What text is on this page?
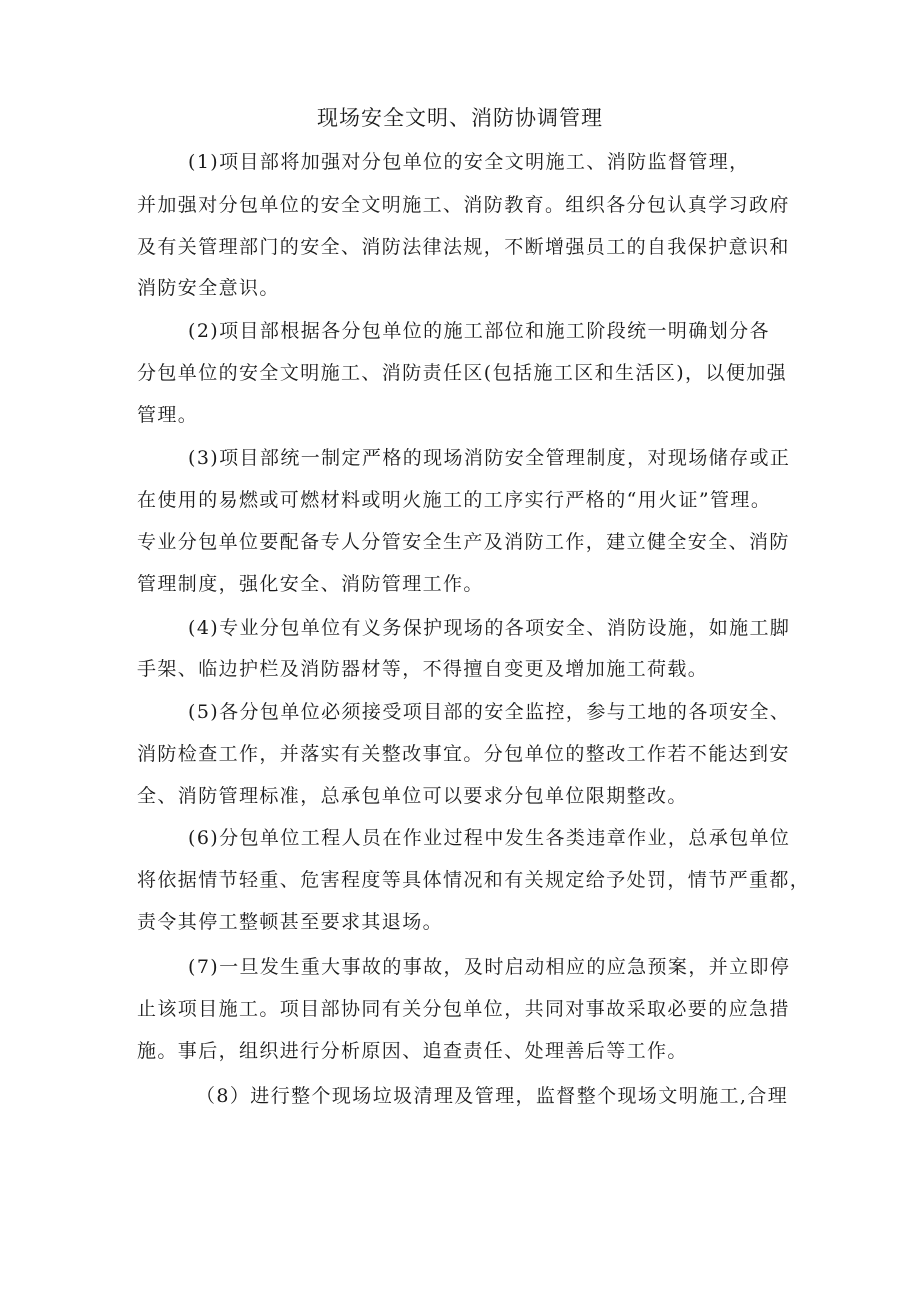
现场安全文明、消防协调管理
(1)项目部将加强对分包单位的安全文明施工、消防监督管理，
并加强对分包单位的安全文明施工、消防教育。组织各分包认真学习政府
及有关管理部门的安全、消防法律法规，不断增强员工的自我保护意识和
消防安全意识。
(2)项目部根据各分包单位的施工部位和施工阶段统一明确划分各
分包单位的安全文明施工、消防责任区(包括施工区和生活区)，以便加强
管理。
(3)项目部统一制定严格的现场消防安全管理制度，对现场储存或正
在使用的易燃或可燃材料或明火施工的工序实行严格的“用火证”管理。
专业分包单位要配备专人分管安全生产及消防工作，建立健全安全、消防
管理制度，强化安全、消防管理工作。
(4)专业分包单位有义务保护现场的各项安全、消防设施，如施工脚
手架、临边护栏及消防器材等，不得擅自变更及增加施工荷载。
(5)各分包单位必须接受项目部的安全监控，参与工地的各项安全、
消防检查工作，并落实有关整改事宜。分包单位的整改工作若不能达到安
全、消防管理标准，总承包单位可以要求分包单位限期整改。
(6)分包单位工程人员在作业过程中发生各类违章作业，总承包单位
将依据情节轻重、危害程度等具体情况和有关规定给予处罚，情节严重都，
责令其停工整顿甚至要求其退场。
(7)一旦发生重大事故的事故，及时启动相应的应急预案，并立即停
止该项目施工。项目部协同有关分包单位，共同对事故采取必要的应急措
施。事后，组织进行分析原因、追查责任、处理善后等工作。
（8）进行整个现场垃圾清理及管理，监督整个现场文明施工,合理
